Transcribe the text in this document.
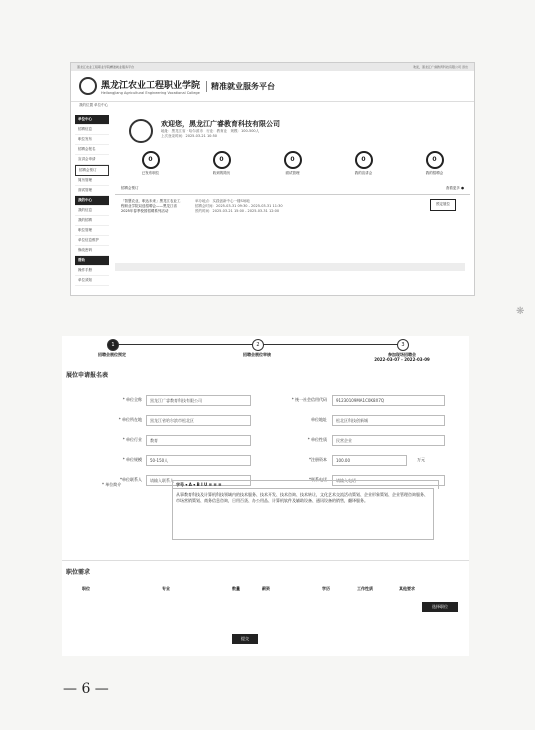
黑龙江农业工程职业学院精准就业服务平台	欢迎，黑龙江广睿教育科技有限公司 退出
黑龙江农业工程职业学院
Heilongjiang Agricultural Engineering Vocational College
精准就业服务平台
我的位置 单位中心
单位中心
招聘信息
职位发布
招聘会报名
宣讲会申请
招聘会预订
简历管理
面试管理
我的中心
我的信息
我的招聘
职位管理
单位信息维护
修改密码
帮助
操作手册
单位须知
欢迎您，黑龙江广睿教育科技有限公司
地址：黑龙江省 · 哈尔滨市 行业：教育业 规模：100-500人
上次登录时间：2025-03-21 10:50
0
已发布职位
0
收到的简历
0
面试管理
0
我的宣讲会
0
我的招聘会
招聘会预订	查看更多 ●
「智慧农业，职达未来」黑龙江农业工程职业学院双选招聘会——黑龙江省2025年春季校园招聘系列活动
举办地点：实践创新中心一楼S场地
招聘会时间：2025-03-31 09:30 - 2025-03-31 11:30
预约时间：2025-03-21 15:00 - 2025-03-31 12:00
预定展位
1	2	3
招聘会展位预定	招聘会展位审核	参加现场招聘会
2022-03-07 - 2022-03-09
展位申请报名表
* 单位全称	黑龙江广睿教育科技有限公司	* 统一社会信用代码	91230109MA1C0K8X7Q
* 单位所在地	黑龙江省哈尔滨市松北区	单位地址	松北区科技创新城
* 单位行业	教育	* 单位性质	民营企业
* 单位规模	50-150人	*注册资本	100.00	万元
*单位联系人	请输入联系人	*联系电话	请输入电话
* 单位简介	字号 ▾ A ▾ B I U ≡ ≡ ≡
从事教育科技及计算机科技领域内的技术服务、技术开发、技术咨询、技术转让，文化艺术交流活动策划、企业形象策划、企业管理咨询服务、市场营销策划、商务信息咨询，日用百货、办公用品、计算机软件及辅助设备、通讯设备的销售，翻译服务。
职位需求
职位	专业	数量	薪资	学历	工作性质	其他要求
选择职位
提交
❋
— 6 —
